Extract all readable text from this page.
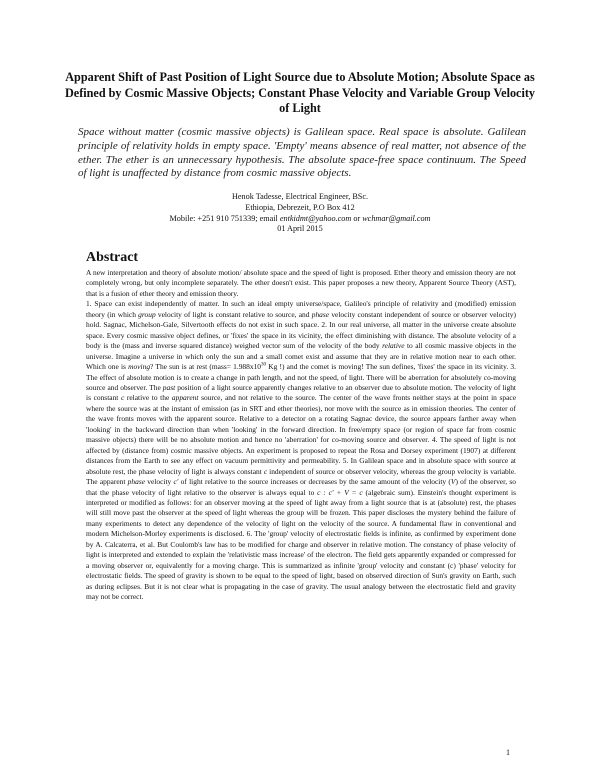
Apparent Shift of Past Position of Light Source due to Absolute Motion; Absolute Space as Defined by Cosmic Massive Objects; Constant Phase Velocity and Variable Group Velocity of Light
Space without matter (cosmic massive objects) is Galilean space. Real space is absolute. Galilean principle of relativity holds in empty space. 'Empty' means absence of real matter, not absence of the ether. The ether is an unnecessary hypothesis. The absolute space-free space continuum. The Speed of light is unaffected by distance from cosmic massive objects.
Henok Tadesse, Electrical Engineer, BSc.
Ethiopia, Debrezeit, P.O Box 412
Mobile: +251 910 751339; email entkidmt@yahoo.com or wchmar@gmail.com
01 April 2015
Abstract
A new interpretation and theory of absolute motion/ absolute space and the speed of light is proposed. Ether theory and emission theory are not completely wrong, but only incomplete separately. The ether doesn't exist. This paper proposes a new theory, Apparent Source Theory (AST), that is a fusion of ether theory and emission theory.
1. Space can exist independently of matter. In such an ideal empty universe/space, Galileo's principle of relativity and (modified) emission theory (in which group velocity of light is constant relative to source, and phase velocity constant independent of source or observer velocity) hold. Sagnac, Michelson-Gale, Silvertooth effects do not exist in such space. 2. In our real universe, all matter in the universe create absolute space. Every cosmic massive object defines, or 'fixes' the space in its vicinity, the effect diminishing with distance. The absolute velocity of a body is the (mass and inverse squared distance) weighed vector sum of the velocity of the body relative to all cosmic massive objects in the universe. Imagine a universe in which only the sun and a small comet exist and assume that they are in relative motion near to each other. Which one is moving? The sun is at rest (mass= $1.988x10^{30}$ Kg !) and the comet is moving! The sun defines, 'fixes' the space in its vicinity. 3. The effect of absolute motion is to create a change in path length, and not the speed, of light. There will be aberration for absolutely co-moving source and observer. The past position of a light source apparently changes relative to an observer due to absolute motion. The velocity of light is constant c relative to the apparent source, and not relative to the source. The center of the wave fronts neither stays at the point in space where the source was at the instant of emission (as in SRT and ether theories), nor move with the source as in emission theories. The center of the wave fronts moves with the apparent source. Relative to a detector on a rotating Sagnac device, the source appears farther away when 'looking' in the backward direction than when 'looking' in the forward direction. In free/empty space (or region of space far from cosmic massive objects) there will be no absolute motion and hence no 'aberration' for co-moving source and observer. 4. The speed of light is not affected by (distance from) cosmic massive objects. An experiment is proposed to repeat the Rosa and Dorsey experiment (1907) at different distances from the Earth to see any effect on vacuum permittivity and permeability. 5. In Galilean space and in absolute space with source at absolute rest, the phase velocity of light is always constant c independent of source or observer velocity, whereas the group velocity is variable. The apparent phase velocity c' of light relative to the source increases or decreases by the same amount of the velocity (V) of the observer, so that the phase velocity of light relative to the observer is always equal to c : c' + V = c (algebraic sum). Einstein's thought experiment is interpreted or modified as follows: for an observer moving at the speed of light away from a light source that is at (absolute) rest, the phases will still move past the observer at the speed of light whereas the group will be frozen. This paper discloses the mystery behind the failure of many experiments to detect any dependence of the velocity of light on the velocity of the source. A fundamental flaw in conventional and modern Michelson-Morley experiments is disclosed. 6. The 'group' velocity of electrostatic fields is infinite, as confirmed by experiment done by A. Calcaterra, et al. But Coulomb's law has to be modified for charge and observer in relative motion. The constancy of phase velocity of light is interpreted and extended to explain the 'relativistic mass increase' of the electron. The field gets apparently expanded or compressed for a moving observer or, equivalently for a moving charge. This is summarized as infinite 'group' velocity and constant (c) 'phase' velocity for electrostatic fields. The speed of gravity is shown to be equal to the speed of light, based on observed direction of Sun's gravity on Earth, such as during eclipses. But it is not clear what is propagating in the case of gravity. The usual analogy between the electrostatic field and gravity may not be correct.
1
